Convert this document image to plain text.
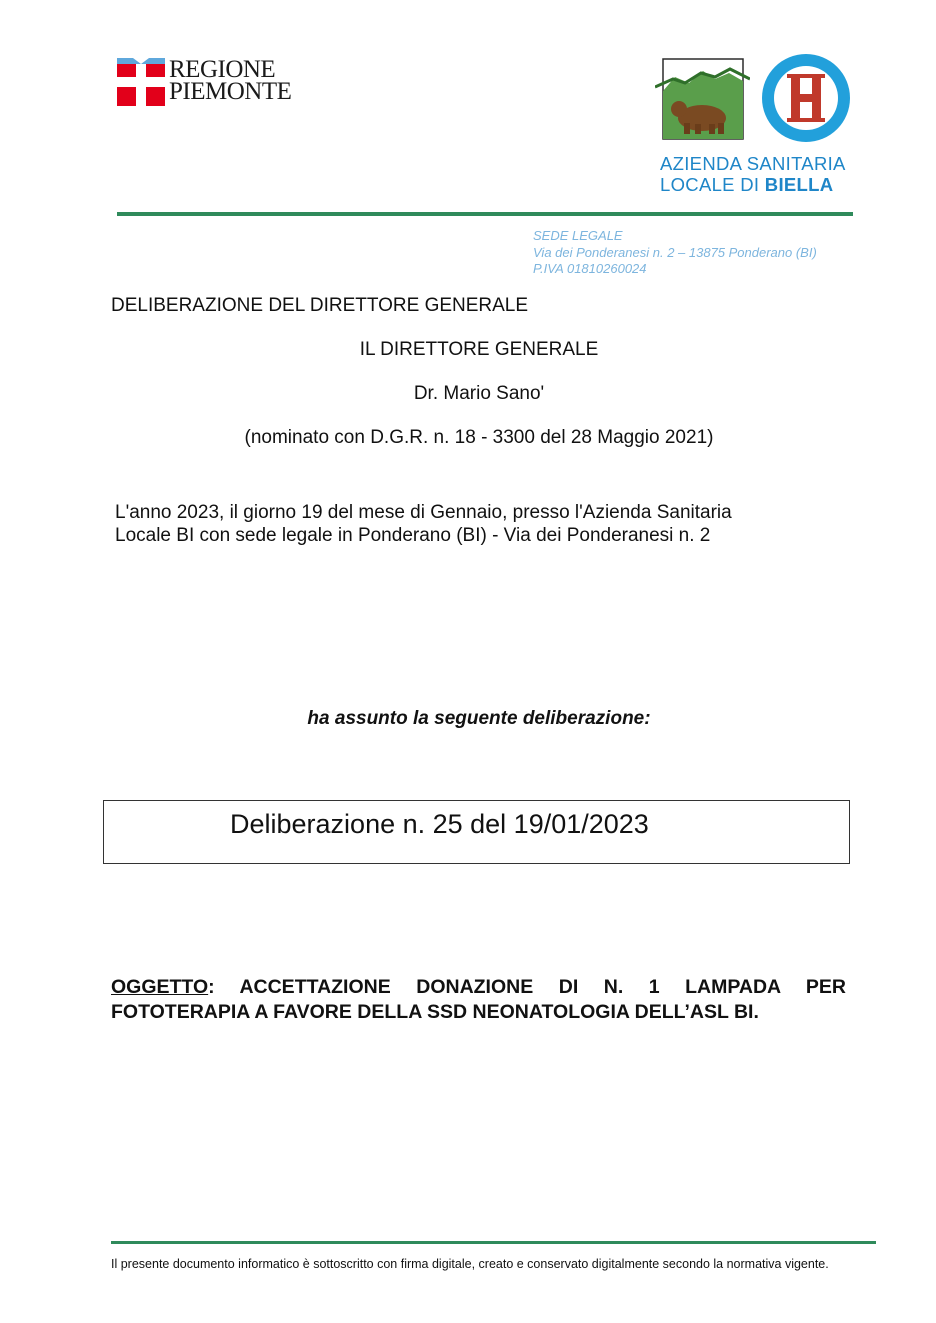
REGIONE
PIEMONTE
AZIENDA SANITARIA
LOCALE DI BIELLA
SEDE LEGALE
Via dei Ponderanesi n. 2 – 13875 Ponderano (BI)
P.IVA 01810260024
DELIBERAZIONE DEL DIRETTORE GENERALE
IL DIRETTORE GENERALE
Dr. Mario Sano'
(nominato con D.G.R. n. 18 - 3300 del 28 Maggio 2021)
L'anno 2023, il giorno 19 del mese di Gennaio, presso l'Azienda Sanitaria
Locale BI con sede legale in Ponderano (BI) - Via dei Ponderanesi n. 2
ha assunto la seguente deliberazione:
Deliberazione n. 25 del 19/01/2023
OGGETTO: ACCETTAZIONE DONAZIONE DI N. 1 LAMPADA PER FOTOTERAPIA A FAVORE DELLA SSD NEONATOLOGIA DELL’ASL BI.
Il presente documento informatico è sottoscritto con firma digitale, creato e conservato digitalmente secondo la normativa vigente.
